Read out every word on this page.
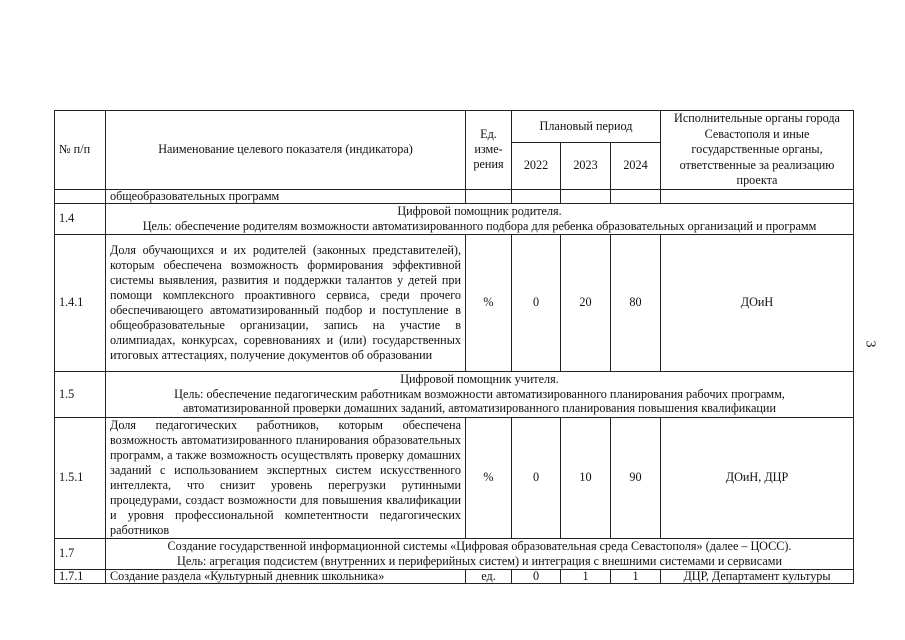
3
№ п/п	Наименование целевого показателя (индикатора)	Ед. изме-рения	Плановый период			Исполнительные органы города Севастополя и иные государственные органы, ответственные за реализацию проекта
			2022	2023	2024	
	общеобразовательных программ					
1.4	Цифровой помощник родителя.
Цель: обеспечение родителям возможности автоматизированного подбора для ребенка образовательных организаций и программ					

1.4.1	Доля обучающихся и их родителей (законных представителей), которым обеспечена возможность формирования эффективной системы выявления, развития и поддержки талантов у детей при помощи комплексного проактивного сервиса, среди прочего обеспечивающего автоматизированный подбор и поступление в общеобразовательные организации, запись на участие в олимпиадах, конкурсах, соревнованиях и (или) государственных итоговых аттестациях, получение документов об образовании	%	0	20	80	ДОиН
1.5	Цифровой помощник учителя.
Цель: обеспечение педагогическим работникам возможности автоматизированного планирования рабочих программ, автоматизированной проверки домашних заданий, автоматизированного планирования повышения квалификации					

1.5.1	Доля педагогических работников, которым обеспечена возможность автоматизированного планирования образовательных программ, а также возможность осуществлять проверку домашних заданий с использованием экспертных систем искусственного интеллекта, что снизит уровень перегрузки рутинными процедурами, создаст возможности для повышения квалификации и уровня профессиональной компетентности педагогических работников	%	0	10	90	ДОиН, ДЦР
1.7	Создание государственной информационной системы «Цифровая образовательная среда Севастополя» (далее – ЦОСС).
Цель: агрегация подсистем (внутренних и периферийных систем) и интеграция с внешними системами и сервисами					

1.7.1	Создание раздела «Культурный дневник школьника»	ед.	0	1	1	ДЦР, Департамент культуры
